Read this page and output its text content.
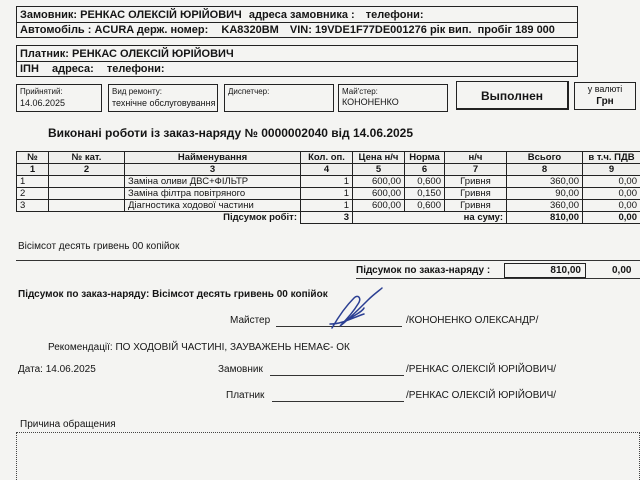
Замовник: РЕНКАС ОЛЕКСІЙ ЮРІЙОВИЧ адреса замовника : телефони:
Автомобіль : ACURA держ. номер: KA8320BM VIN: 19VDE1F77DE001276 рік вип. пробіг 189 000
Платник: РЕНКАС ОЛЕКСІЙ ЮРІЙОВИЧ
ІПН адреса: телефони:
Прийнятий:
14.06.2025
Вид ремонту:
технічне обслуговування
Диспетчер:	Май'стер:
КОНОНЕНКО	Выполнен	у валюті
Грн
Виконані роботи із заказ-наряду № 0000002040 від 14.06.2025
№	№ кат.	Найменування	Кол. оп.	Цена н/ч	Норма	н/ч	Всього	в т.ч. ПДВ
1	2	3	4	5	6	7	8	9
1		Заміна оливи ДВС+ФІЛЬТР	1	600,00	0,600	Гривня	360,00	0,00
2		Заміна філтра повітряного	1	600,00	0,150	Гривня	90,00	0,00
3		Діагностика ходової частини	1	600,00	0,600	Гривня	360,00	0,00
Підсумок робіт:			3	на суму:			810,00	0,00
Вісімсот десять гривень 00 копійок
Підсумок по заказ-наряду :	810,00	0,00
Підсумок по заказ-наряду: Вісімсот десять гривень 00 копійок
Майстер	/КОНОНЕНКО ОЛЕКСАНДР/
Рекомендації: ПО ХОДОВІЙ ЧАСТИНІ, ЗАУВАЖЕНЬ НЕМАЄ- ОК
Дата: 14.06.2025	Замовник	/РЕНКАС ОЛЕКСІЙ ЮРІЙОВИЧ/
Платник	/РЕНКАС ОЛЕКСІЙ ЮРІЙОВИЧ/
Причина обращения
